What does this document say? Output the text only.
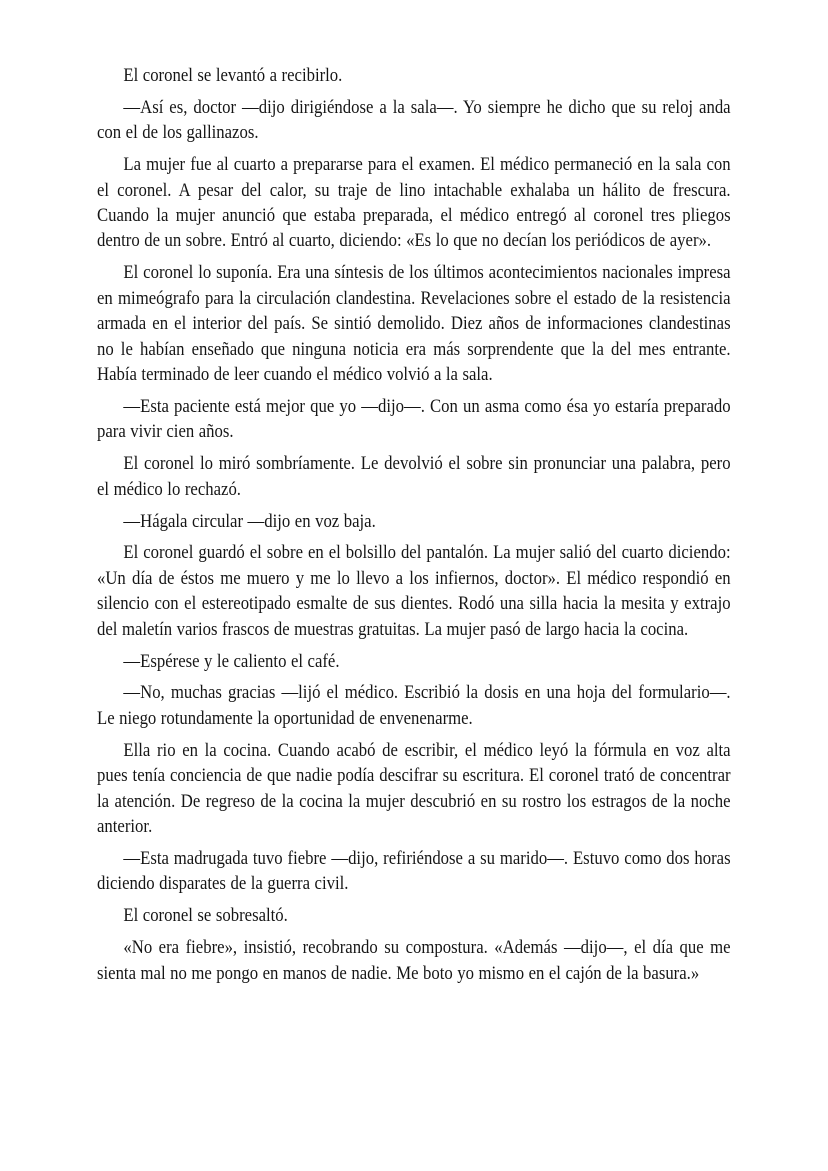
El coronel se levantó a recibirlo.

—Así es, doctor —dijo dirigiéndose a la sala—. Yo siempre he dicho que su reloj anda con el de los gallinazos.

La mujer fue al cuarto a prepararse para el examen. El médico permaneció en la sala con el coronel. A pesar del calor, su traje de lino intachable exhalaba un hálito de frescura. Cuando la mujer anunció que estaba preparada, el médico entregó al coronel tres pliegos dentro de un sobre. Entró al cuarto, diciendo: «Es lo que no decían los periódicos de ayer».

El coronel lo suponía. Era una síntesis de los últimos acontecimientos nacionales impresa en mimeógrafo para la circulación clandestina. Revelaciones sobre el estado de la resistencia armada en el interior del país. Se sintió demolido. Diez años de informaciones clandestinas no le habían enseñado que ninguna noticia era más sorprendente que la del mes entrante. Había terminado de leer cuando el médico volvió a la sala.

—Esta paciente está mejor que yo —dijo—. Con un asma como ésa yo estaría preparado para vivir cien años.

El coronel lo miró sombríamente. Le devolvió el sobre sin pronunciar una palabra, pero el médico lo rechazó.

—Hágala circular —dijo en voz baja.

El coronel guardó el sobre en el bolsillo del pantalón. La mujer salió del cuarto diciendo: «Un día de éstos me muero y me lo llevo a los infiernos, doctor». El médico respondió en silencio con el estereotipado esmalte de sus dientes. Rodó una silla hacia la mesita y extrajo del maletín varios frascos de muestras gratuitas. La mujer pasó de largo hacia la cocina.

—Espérese y le caliento el café.

—No, muchas gracias —lijó el médico. Escribió la dosis en una hoja del formulario—. Le niego rotundamente la oportunidad de envenenarme.

Ella rio en la cocina. Cuando acabó de escribir, el médico leyó la fórmula en voz alta pues tenía conciencia de que nadie podía descifrar su escritura. El coronel trató de concentrar la atención. De regreso de la cocina la mujer descubrió en su rostro los estragos de la noche anterior.

—Esta madrugada tuvo fiebre —dijo, refiriéndose a su marido—. Estuvo como dos horas diciendo disparates de la guerra civil.

El coronel se sobresaltó.

«No era fiebre», insistió, recobrando su compostura. «Además —dijo—, el día que me sienta mal no me pongo en manos de nadie. Me boto yo mismo en el cajón de la basura.»
